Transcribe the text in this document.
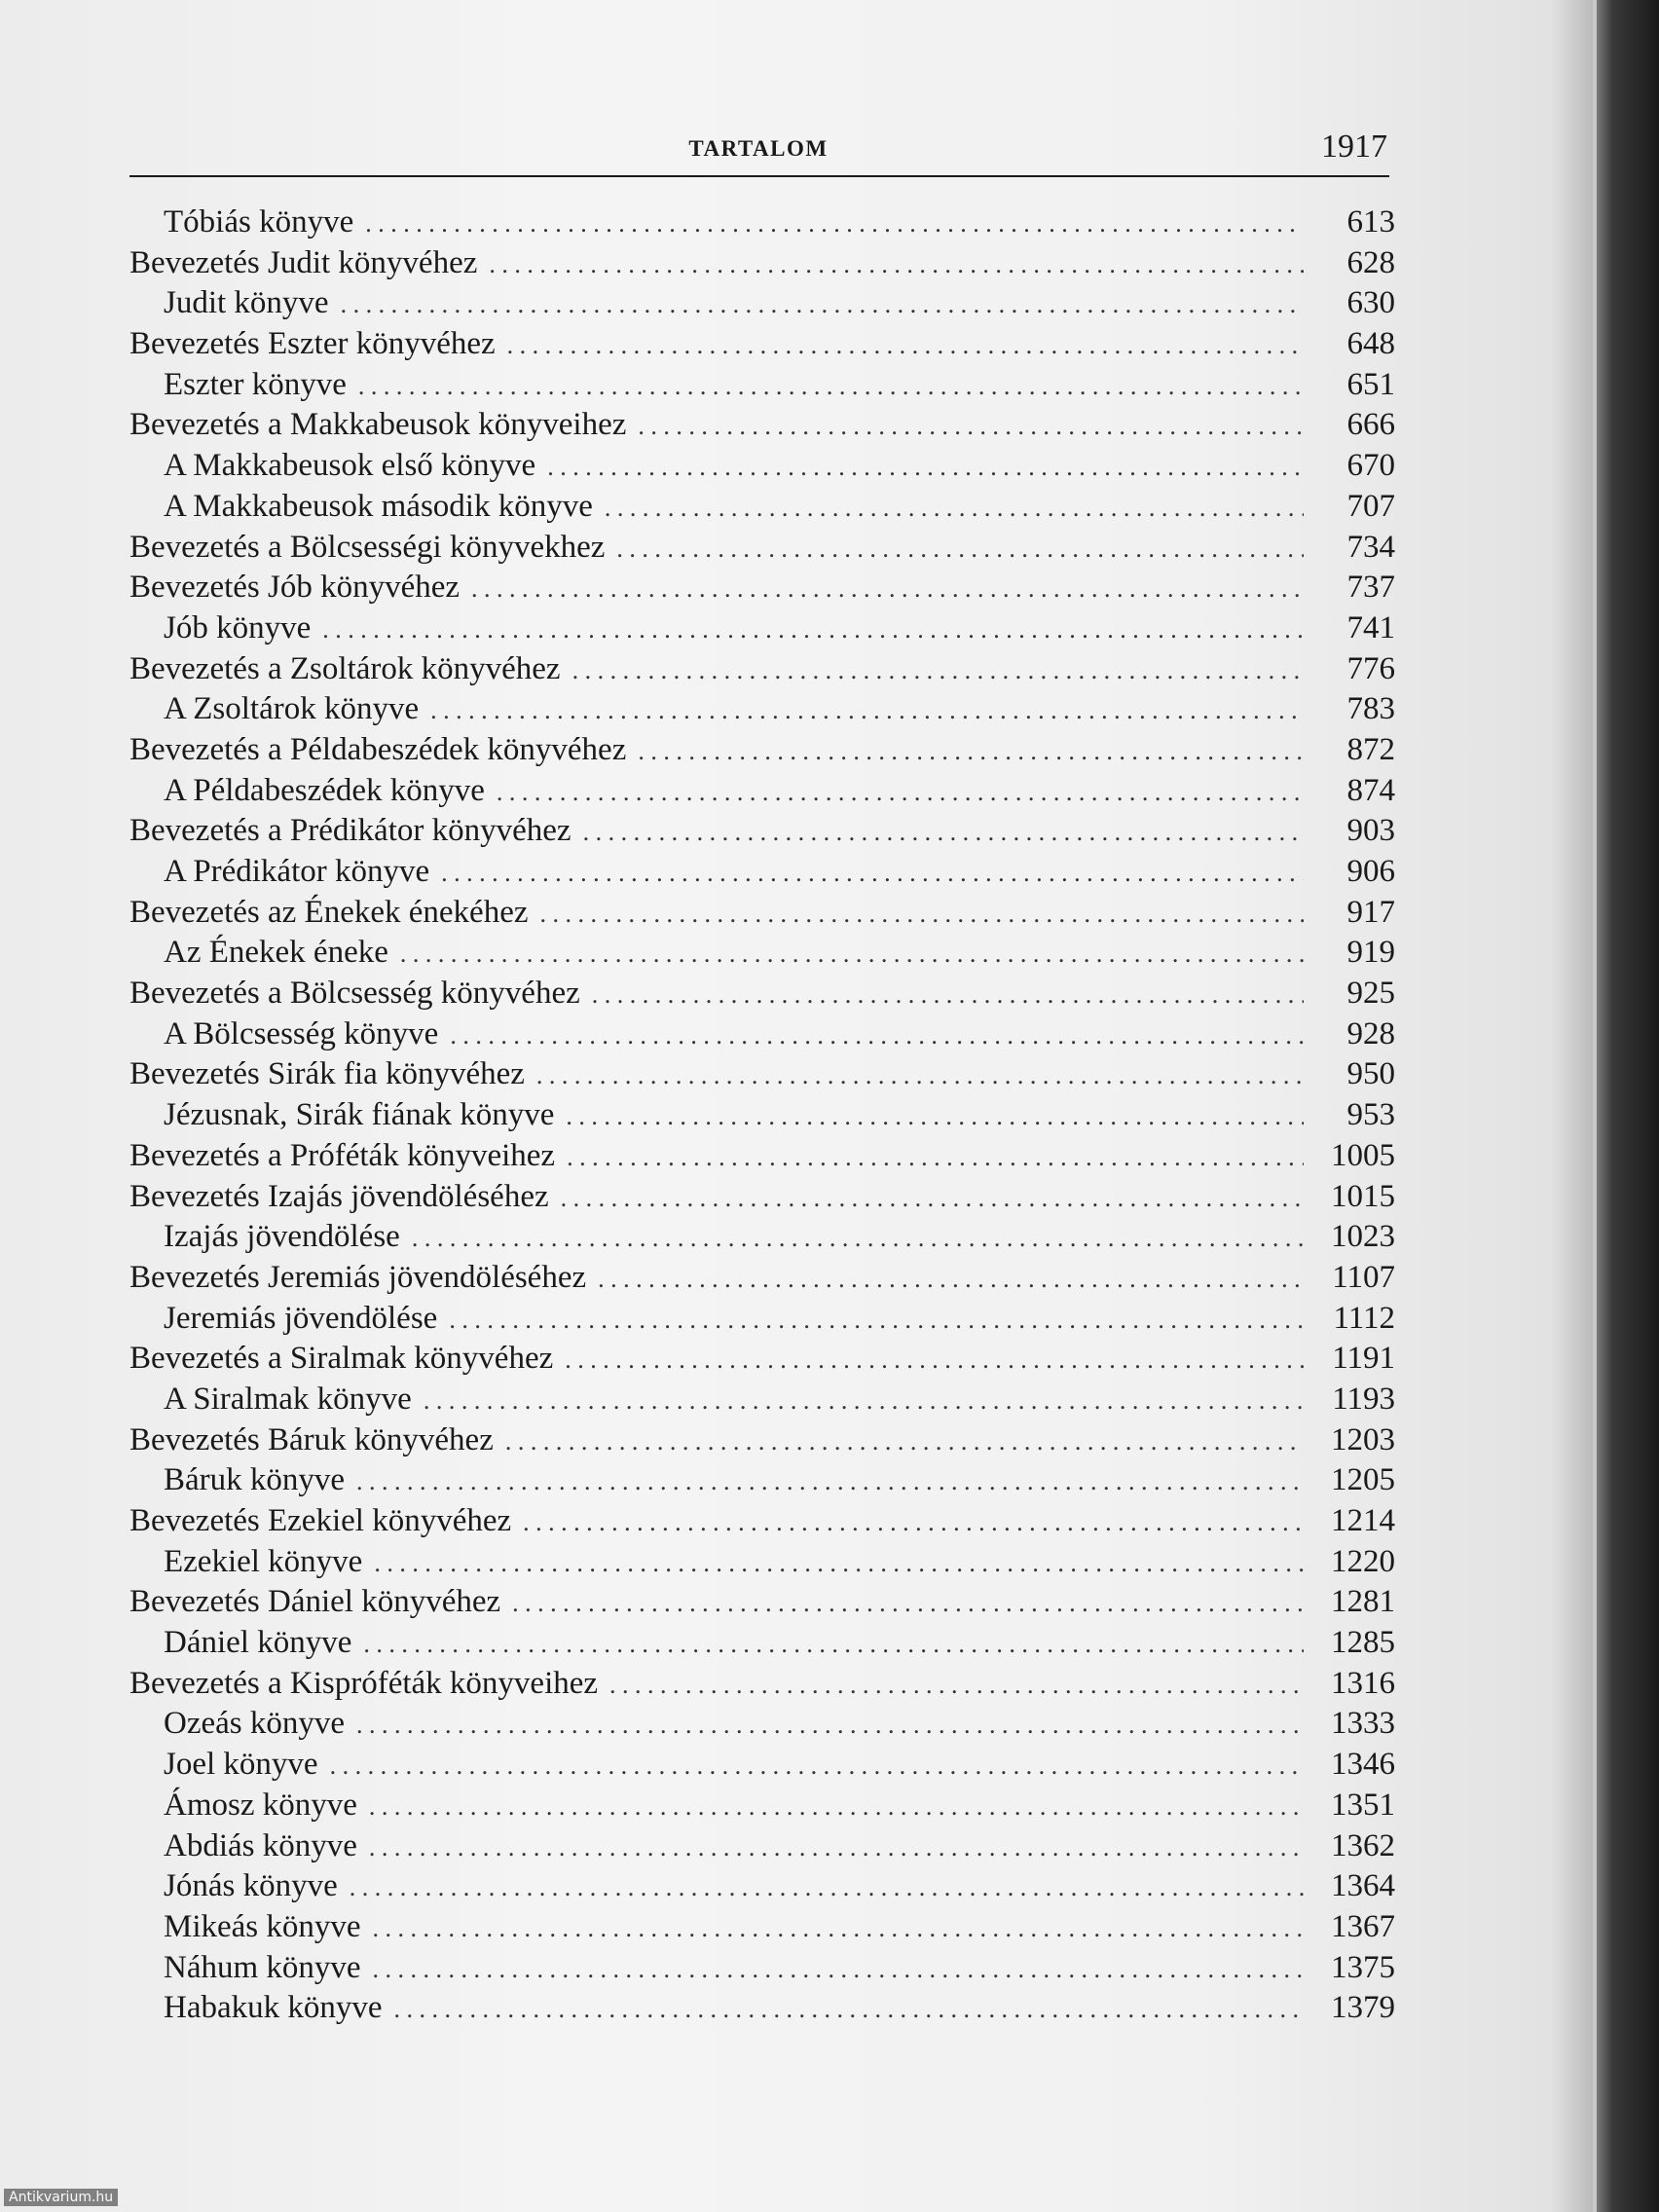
TARTALOM	1917
Tóbiás könyve . . .	613
Bevezetés Judit könyvéhez . . .	628
Judit könyve . . .	630
Bevezetés Eszter könyvéhez . . .	648
Eszter könyve . . .	651
Bevezetés a Makkabeusok könyveihez . . .	666
A Makkabeusok első könyve . . .	670
A Makkabeusok második könyve . . .	707
Bevezetés a Bölcsességi könyvekhez . . .	734
Bevezetés Jób könyvéhez . . .	737
Jób könyve . . .	741
Bevezetés a Zsoltárok könyvéhez . . .	776
A Zsoltárok könyve . . .	783
Bevezetés a Példabeszédek könyvéhez . . .	872
A Példabeszédek könyve . . .	874
Bevezetés a Prédikátor könyvéhez . . .	903
A Prédikátor könyve . . .	906
Bevezetés az Énekek énekéhez . . .	917
Az Énekek éneke . . .	919
Bevezetés a Bölcsesség könyvéhez . . .	925
A Bölcsesség könyve . . .	928
Bevezetés Sirák fia könyvéhez . . .	950
Jézusnak, Sirák fiának könyve . . .	953
Bevezetés a Próféták könyveihez . . .	1005
Bevezetés Izajás jövendöléséhez . . .	1015
Izajás jövendölése . . .	1023
Bevezetés Jeremiás jövendöléséhez . . .	1107
Jeremiás jövendölése . . .	1112
Bevezetés a Siralmak könyvéhez . . .	1191
A Siralmak könyve . . .	1193
Bevezetés Báruk könyvéhez . . .	1203
Báruk könyve . . .	1205
Bevezetés Ezekiel könyvéhez . . .	1214
Ezekiel könyve . . .	1220
Bevezetés Dániel könyvéhez . . .	1281
Dániel könyve . . .	1285
Bevezetés a Kispróféták könyveihez . . .	1316
Ozeás könyve . . .	1333
Joel könyve . . .	1346
Ámosz könyve . . .	1351
Abdiás könyve . . .	1362
Jónás könyve . . .	1364
Mikeás könyve . . .	1367
Náhum könyve . . .	1375
Habakuk könyve . . .	1379
Antikvarium.hu
